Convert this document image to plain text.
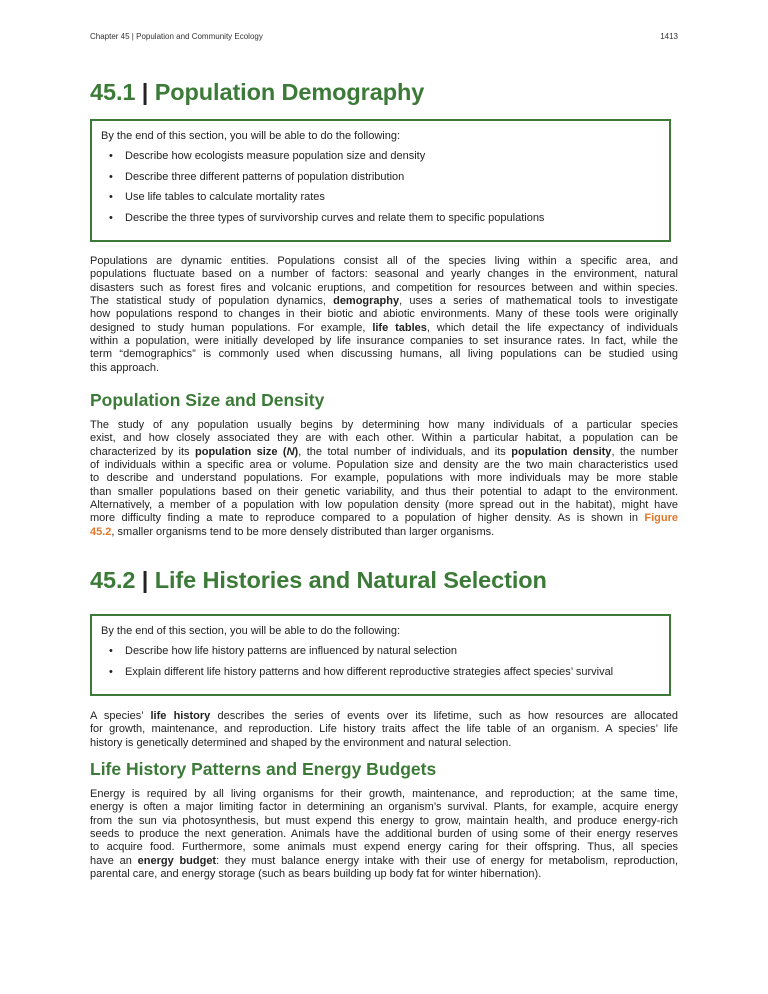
Chapter 45 | Population and Community Ecology	1413
45.1 | Population Demography

By the end of this section, you will be able to do the following:

• Describe how ecologists measure population size and density
• Describe three different patterns of population distribution
• Use life tables to calculate mortality rates
• Describe the three types of survivorship curves and relate them to specific populations

Populations are dynamic entities. Populations consist all of the species living within a specific area, and
populations fluctuate based on a number of factors: seasonal and yearly changes in the environment, natural
disasters such as forest fires and volcanic eruptions, and competition for resources between and within species.
The statistical study of population dynamics, demography, uses a series of mathematical tools to investigate
how populations respond to changes in their biotic and abiotic environments. Many of these tools were originally
designed to study human populations. For example, life tables, which detail the life expectancy of individuals
within a population, were initially developed by life insurance companies to set insurance rates. In fact, while the
term “demographics” is commonly used when discussing humans, all living populations can be studied using
this approach.

Population Size and Density

The study of any population usually begins by determining how many individuals of a particular species
exist, and how closely associated they are with each other. Within a particular habitat, a population can be
characterized by its population size (N), the total number of individuals, and its population density, the number
of individuals within a specific area or volume. Population size and density are the two main characteristics used
to describe and understand populations. For example, populations with more individuals may be more stable
than smaller populations based on their genetic variability, and thus their potential to adapt to the environment.
Alternatively, a member of a population with low population density (more spread out in the habitat), might have
more difficulty finding a mate to reproduce compared to a population of higher density. As is shown in Figure
45.2, smaller organisms tend to be more densely distributed than larger organisms.

45.2 | Life Histories and Natural Selection

By the end of this section, you will be able to do the following:

• Describe how life history patterns are influenced by natural selection
• Explain different life history patterns and how different reproductive strategies affect species’ survival

A species’ life history describes the series of events over its lifetime, such as how resources are allocated
for growth, maintenance, and reproduction. Life history traits affect the life table of an organism. A species’ life
history is genetically determined and shaped by the environment and natural selection.

Life History Patterns and Energy Budgets

Energy is required by all living organisms for their growth, maintenance, and reproduction; at the same time,
energy is often a major limiting factor in determining an organism’s survival. Plants, for example, acquire energy
from the sun via photosynthesis, but must expend this energy to grow, maintain health, and produce energy-rich
seeds to produce the next generation. Animals have the additional burden of using some of their energy reserves
to acquire food. Furthermore, some animals must expend energy caring for their offspring. Thus, all species
have an energy budget: they must balance energy intake with their use of energy for metabolism, reproduction,
parental care, and energy storage (such as bears building up body fat for winter hibernation).
